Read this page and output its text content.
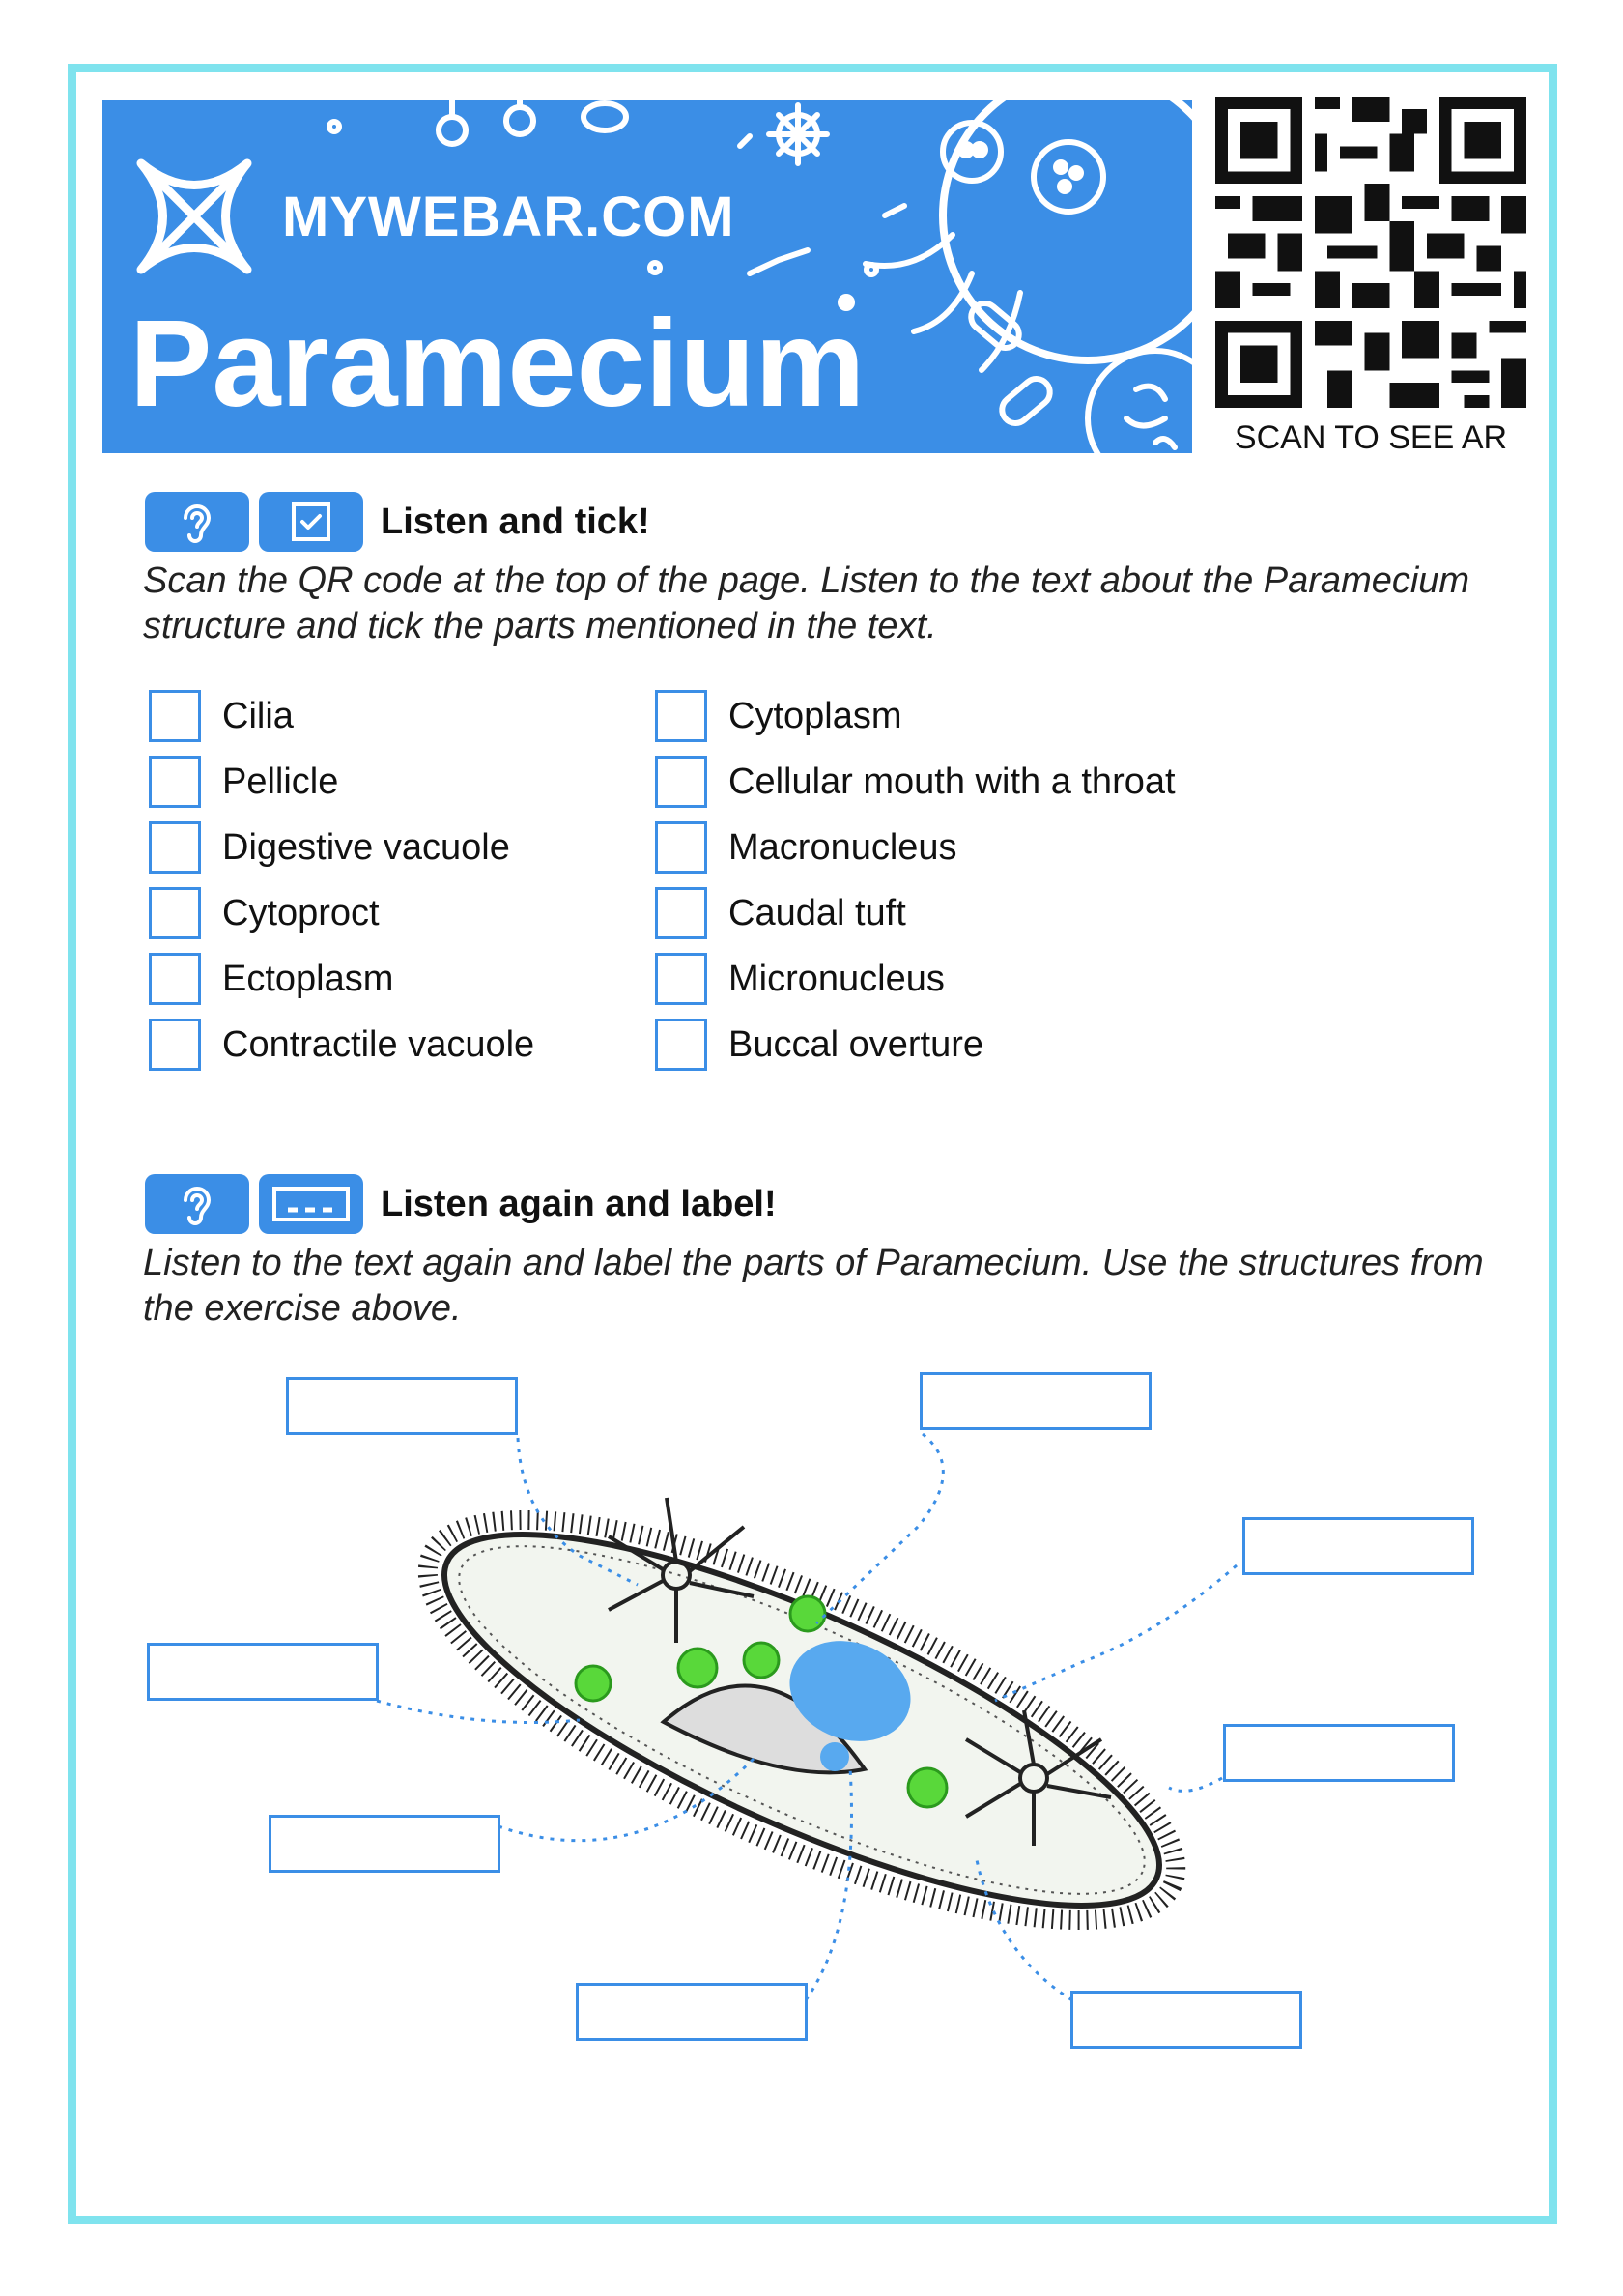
MYWEBAR.COM
Paramecium
SCAN TO SEE AR
Listen and tick!
Scan the QR code at the top of the page. Listen to the text about the Paramecium structure and tick the parts mentioned in the text.
Cilia
Pellicle
Digestive vacuole
Cytoproct
Ectoplasm
Contractile vacuole
Cytoplasm
Cellular mouth with a throat
Macronucleus
Caudal tuft
Micronucleus
Buccal overture
Listen again and label!
Listen to the text again and label the parts of Paramecium. Use the structures from the exercise above.
